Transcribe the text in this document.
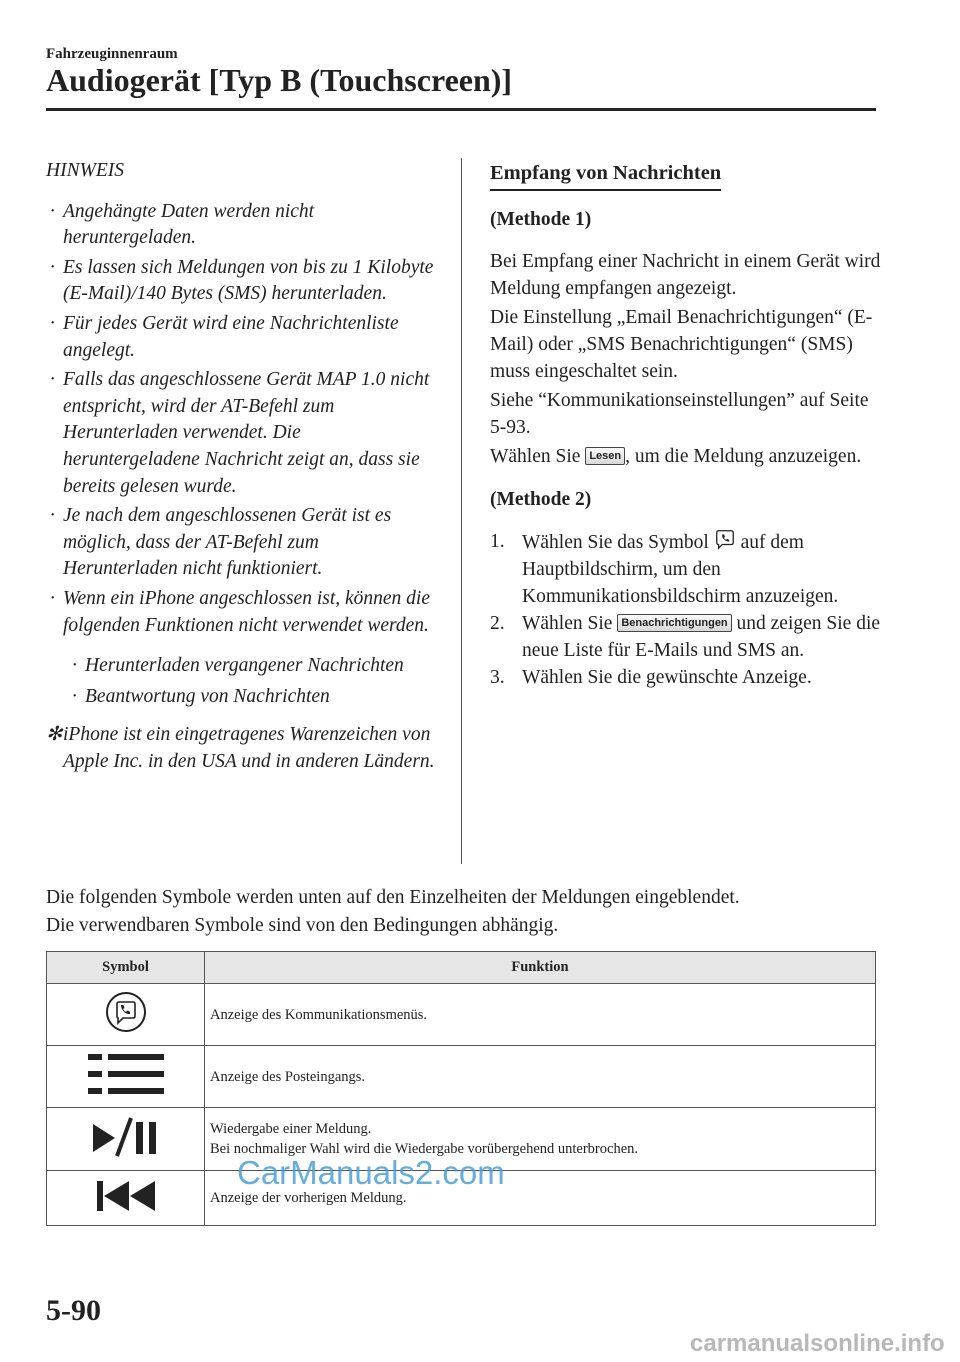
Fahrzeuginnenraum
Audiogerät [Typ B (Touchscreen)]
HINWEIS
· Angehängte Daten werden nicht heruntergeladen.
· Es lassen sich Meldungen von bis zu 1 Kilobyte (E-Mail)/140 Bytes (SMS) herunterladen.
· Für jedes Gerät wird eine Nachrichtenliste angelegt.
· Falls das angeschlossene Gerät MAP 1.0 nicht entspricht, wird der AT-Befehl zum Herunterladen verwendet. Die heruntergeladene Nachricht zeigt an, dass sie bereits gelesen wurde.
· Je nach dem angeschlossenen Gerät ist es möglich, dass der AT-Befehl zum Herunterladen nicht funktioniert.
· Wenn ein iPhone angeschlossen ist, können die folgenden Funktionen nicht verwendet werden.
· Herunterladen vergangener Nachrichten
· Beantwortung von Nachrichten
✻ iPhone ist ein eingetragenes Warenzeichen von Apple Inc. in den USA und in anderen Ländern.
Empfang von Nachrichten
(Methode 1)
Bei Empfang einer Nachricht in einem Gerät wird Meldung empfangen angezeigt.
Die Einstellung „Email Benachrichtigungen“ (E-Mail) oder „SMS Benachrichtigungen“ (SMS) muss eingeschaltet sein.
Siehe “Kommunikationseinstellungen” auf Seite 5-93.
Wählen Sie Lesen , um die Meldung anzuzeigen.
(Methode 2)
1. Wählen Sie das Symbol auf dem Hauptbildschirm, um den Kommunikationsbildschirm anzuzeigen.
2. Wählen Sie Benachrichtigungen und zeigen Sie die neue Liste für E-Mails und SMS an.
3. Wählen Sie die gewünschte Anzeige.
Die folgenden Symbole werden unten auf den Einzelheiten der Meldungen eingeblendet.
Die verwendbaren Symbole sind von den Bedingungen abhängig.
Symbol	Funktion
	Anzeige des Kommunikationsmenüs.
	Anzeige des Posteingangs.

Wiedergabe einer Meldung.
Bei nochmaliger Wahl wird die Wiedergabe vorübergehend unterbrochen.

	Anzeige der vorherigen Meldung.
CarManuals2.com
5-90
carmanualsonline.info
